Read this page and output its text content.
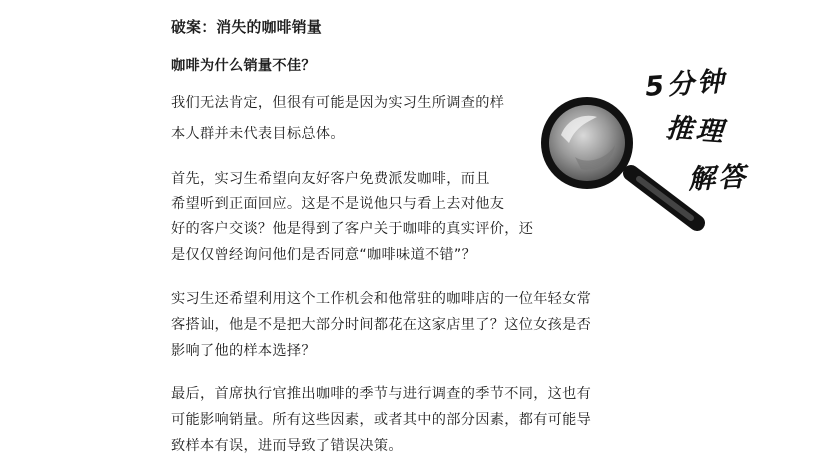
破案：消失的咖啡销量
咖啡为什么销量不佳？
我们无法肯定，但很有可能是因为实习生所调查的样
本人群并未代表目标总体。
首先，实习生希望向友好客户免费派发咖啡，而且
希望听到正面回应。这是不是说他只与看上去对他友
好的客户交谈？他是得到了客户关于咖啡的真实评价，还
是仅仅曾经询问他们是否同意“咖啡味道不错”？
实习生还希望利用这个工作机会和他常驻的咖啡店的一位年轻女常
客搭讪，他是不是把大部分时间都花在这家店里了？这位女孩是否
影响了他的样本选择？
最后，首席执行官推出咖啡的季节与进行调查的季节不同，这也有
可能影响销量。所有这些因素，或者其中的部分因素，都有可能导
致样本有误，进而导致了错误决策。
5分钟
推理
解答
